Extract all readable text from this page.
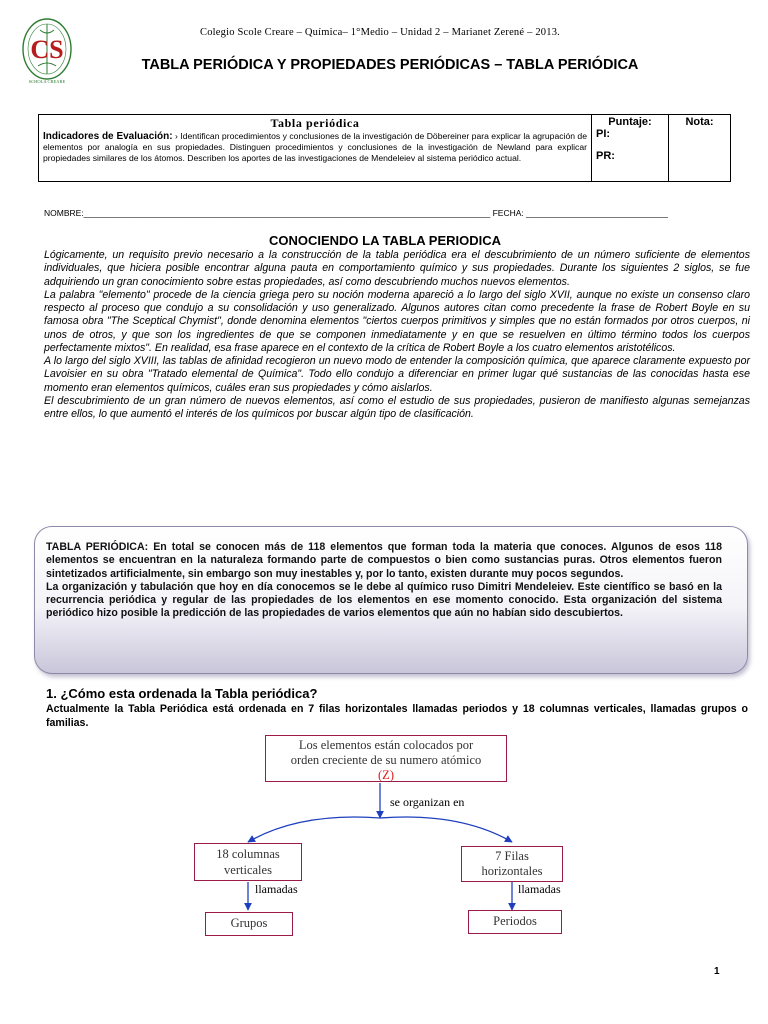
CS
SCHOLA CREARE
Colegio Scole Creare – Química– 1°Medio – Unidad 2 – Marianet Zerené – 2013.
TABLA PERIÓDICA Y PROPIEDADES PERIÓDICAS – TABLA PERIÓDICA
Tabla periódica
Indicadores de Evaluación: › Identifican procedimientos y conclusiones de la investigación de Döbereiner para explicar la agrupación de elementos por analogía en sus propiedades. Distinguen procedimientos y conclusiones de la investigación de Newland para explicar propiedades similares de los átomos. Describen los aportes de las investigaciones de Mendeleiev al sistema periódico actual.

Puntaje:
PI:
PR:

Nota:
NOMBRE:______________________________________________________________________________________ FECHA: ______________________________
CONOCIENDO LA TABLA PERIODICA

Lógicamente, un requisito previo necesario a la construcción de la tabla periódica era el descubrimiento de un número suficiente de elementos individuales, que hiciera posible encontrar alguna pauta en comportamiento químico y sus propiedades. Durante los siguientes 2 siglos, se fue adquiriendo un gran conocimiento sobre estas propiedades, así como descubriendo muchos nuevos elementos.

La palabra "elemento" procede de la ciencia griega pero su noción moderna apareció a lo largo del siglo XVII, aunque no existe un consenso claro respecto al proceso que condujo a su consolidación y uso generalizado. Algunos autores citan como precedente la frase de Robert Boyle en su famosa obra "The Sceptical Chymist", donde denomina elementos "ciertos cuerpos primitivos y simples que no están formados por otros cuerpos, ni unos de otros, y que son los ingredientes de que se componen inmediatamente y en que se resuelven en último término todos los cuerpos perfectamente mixtos". En realidad, esa frase aparece en el contexto de la crítica de Robert Boyle a los cuatro elementos aristotélicos.

A lo largo del siglo XVIII, las tablas de afinidad recogieron un nuevo modo de entender la composición química, que aparece claramente expuesto por Lavoisier en su obra "Tratado elemental de Química". Todo ello condujo a diferenciar en primer lugar qué sustancias de las conocidas hasta ese momento eran elementos químicos, cuáles eran sus propiedades y cómo aislarlos.

El descubrimiento de un gran número de nuevos elementos, así como el estudio de sus propiedades, pusieron de manifiesto algunas semejanzas entre ellos, lo que aumentó el interés de los químicos por buscar algún tipo de clasificación.

TABLA PERIÓDICA: En total se conocen más de 118 elementos que forman toda la materia que conoces. Algunos de esos 118 elementos se encuentran en la naturaleza formando parte de compuestos o bien como sustancias puras. Otros elementos fueron sintetizados artificialmente, sin embargo son muy inestables y, por lo tanto, existen durante muy pocos segundos.

La organización y tabulación que hoy en día conocemos se le debe al químico ruso Dimitri Mendeleiev. Este científico se basó en la recurrencia periódica y regular de las propiedades de los elementos en ese momento conocido. Esta organización del sistema periódico hizo posible la predicción de las propiedades de varios elementos que aún no habían sido descubiertos.

1. ¿Cómo esta ordenada la Tabla periódica?
Actualmente la Tabla Periódica está ordenada en 7 filas horizontales llamadas periodos y 18 columnas verticales, llamadas grupos o familias.
Los elementos están colocados por
orden creciente de su numero atómico
(Z)
se organizan en
18 columnas
verticales
7 Filas
horizontales
llamadas	llamadas
Grupos	Periodos
1
